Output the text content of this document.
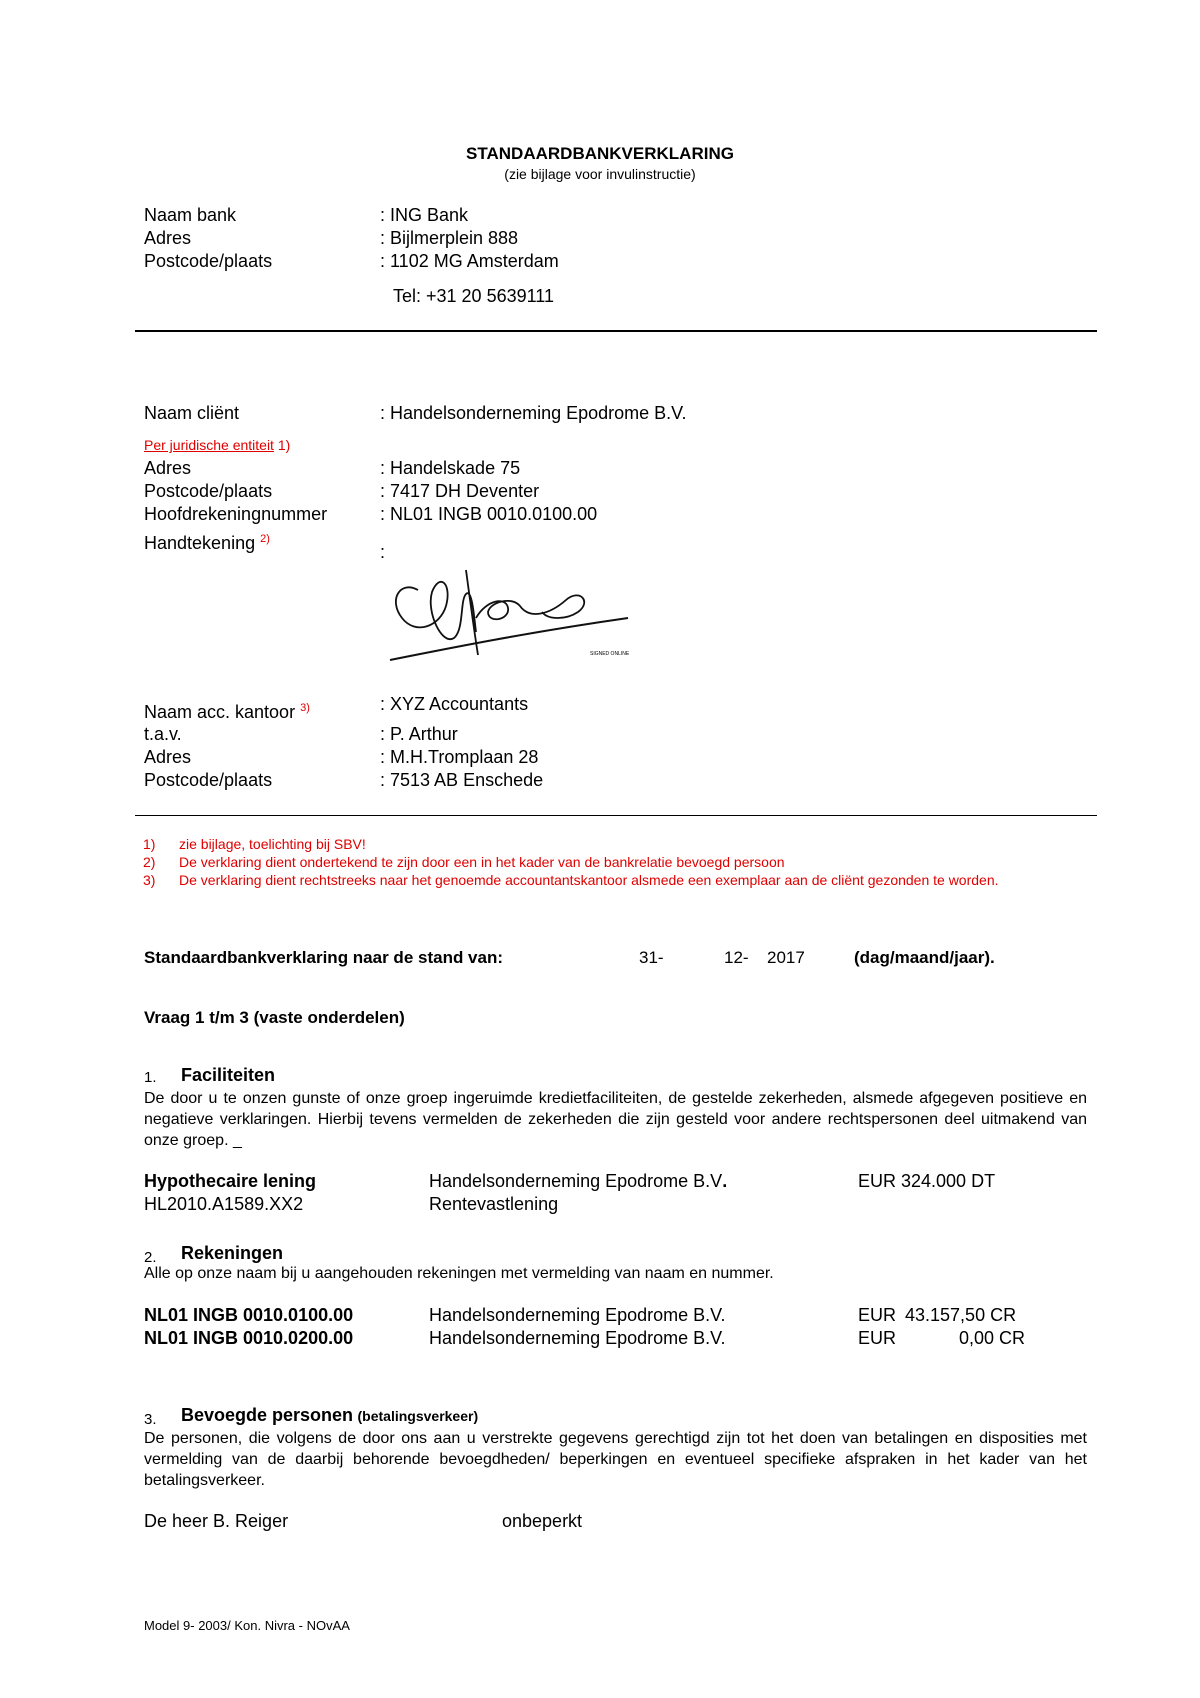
STANDAARDBANKVERKLARING
(zie bijlage voor invulinstructie)
Naam bank	: ING Bank
Adres	: Bijlmerplein 888
Postcode/plaats	: 1102 MG Amsterdam
Tel: +31 20 5639111
Naam cliënt	: Handelsonderneming Epodrome B.V.
Per juridische entiteit 1)
Adres	: Handelskade 75
Postcode/plaats	: 7417 DH Deventer
Hoofdrekeningnummer	: NL01 INGB 0010.0100.00
Handtekening $^{2)}$
:
SIGNED ONLINE
Naam acc. kantoor $^{3)}$	: XYZ Accountants
t.a.v.	: P. Arthur
Adres	: M.H.Tromplaan 28
Postcode/plaats	: 7513 AB Enschede
1) zie bijlage, toelichting bij SBV!
2) De verklaring dient ondertekend te zijn door een in het kader van de bankrelatie bevoegd persoon
3) De verklaring dient rechtstreeks naar het genoemde accountantskantoor alsmede een exemplaar aan de cliënt gezonden te worden.
Standaardbankverklaring naar de stand van:	31-	12- 2017	(dag/maand/jaar).
Vraag 1 t/m 3 (vaste onderdelen)
1. Faciliteiten
De door u te onzen gunste of onze groep ingeruimde kredietfaciliteiten, de gestelde zekerheden, alsmede afgegeven positieve en negatieve verklaringen. Hierbij tevens vermelden de zekerheden die zijn gesteld voor andere rechtspersonen deel uitmakend van onze groep. _
Hypothecaire lening	Handelsonderneming Epodrome B.V.	EUR 324.000 DT
HL2010.A1589.XX2	Rentevastlening
2. Rekeningen
Alle op onze naam bij u aangehouden rekeningen met vermelding van naam en nummer.
NL01 INGB 0010.0100.00	Handelsonderneming Epodrome B.V.	EUR 43.157,50 CR
NL01 INGB 0010.0200.00	Handelsonderneming Epodrome B.V.	EUR	0,00 CR
3. Bevoegde personen (betalingsverkeer)
De personen, die volgens de door ons aan u verstrekte gegevens gerechtigd zijn tot het doen van betalingen en disposities met vermelding van de daarbij behorende bevoegdheden/ beperkingen en eventueel specifieke afspraken in het kader van het betalingsverkeer.
De heer B. Reiger	onbeperkt
Model 9- 2003/ Kon. Nivra - NOvAA
